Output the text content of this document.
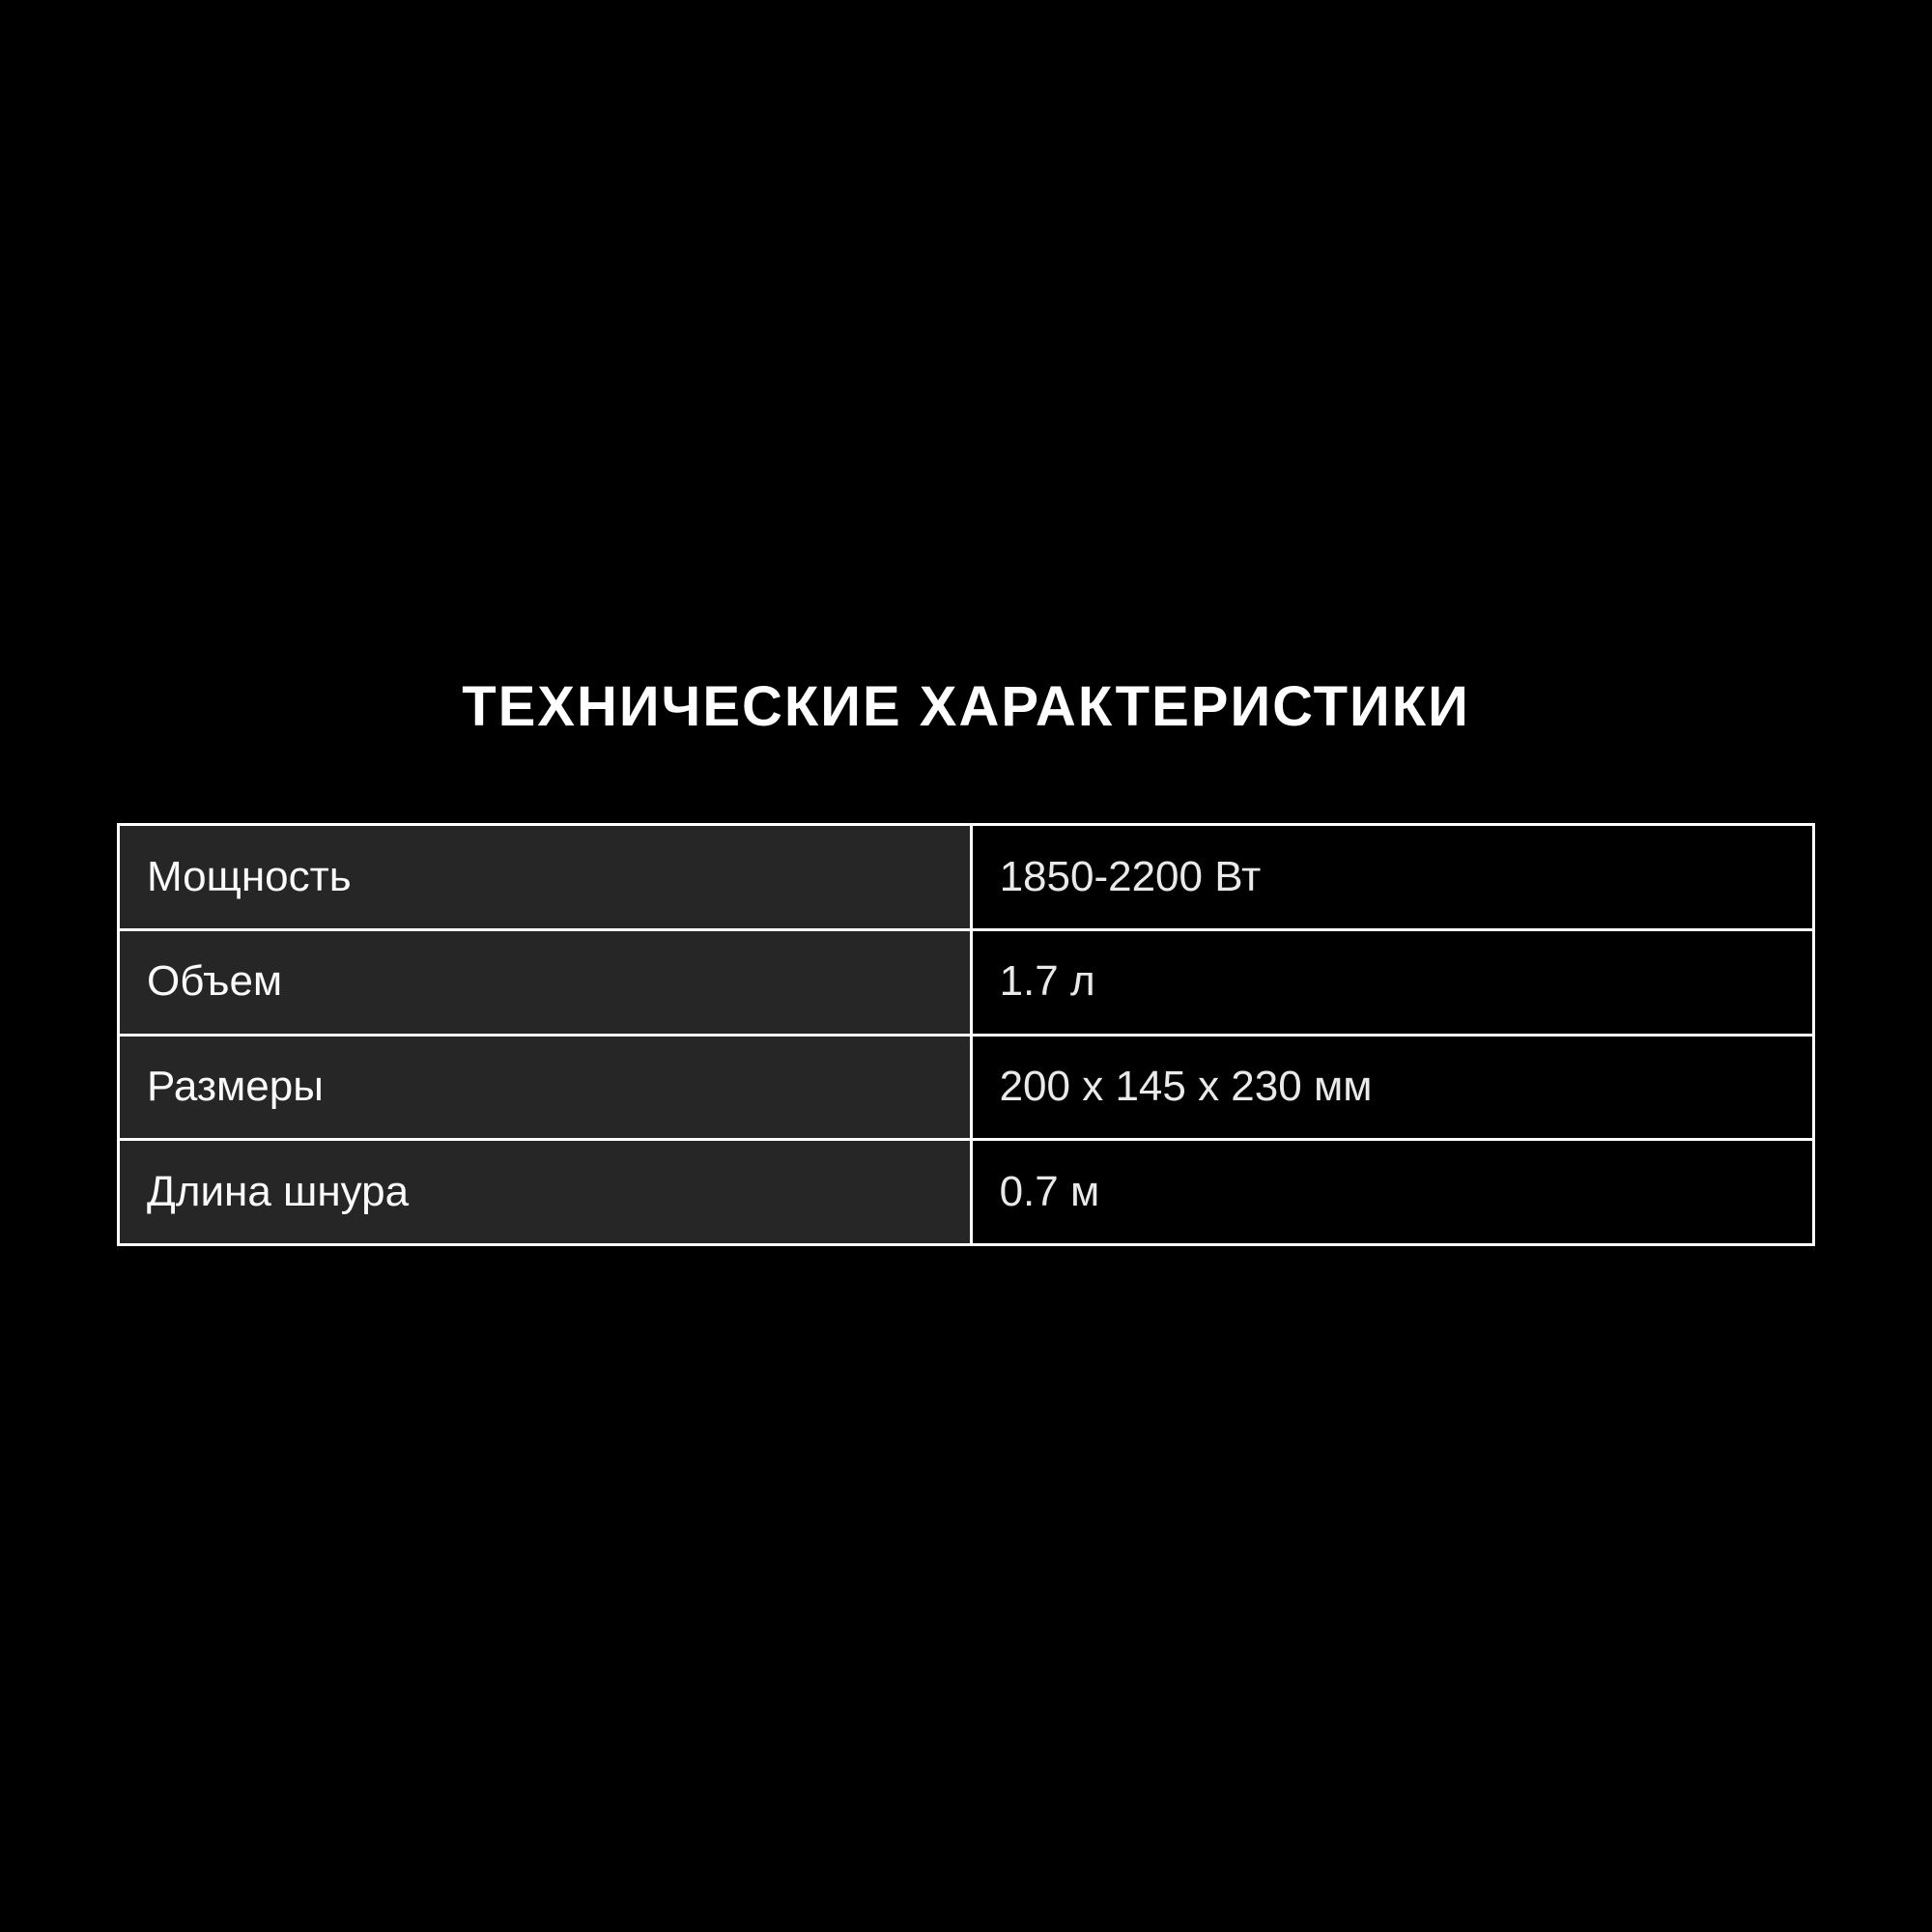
ТЕХНИЧЕСКИЕ ХАРАКТЕРИСТИКИ
Мощность	1850-2200 Вт
Объем	1.7 л
Размеры	200 x 145 x 230 мм
Длина шнура	0.7 м
